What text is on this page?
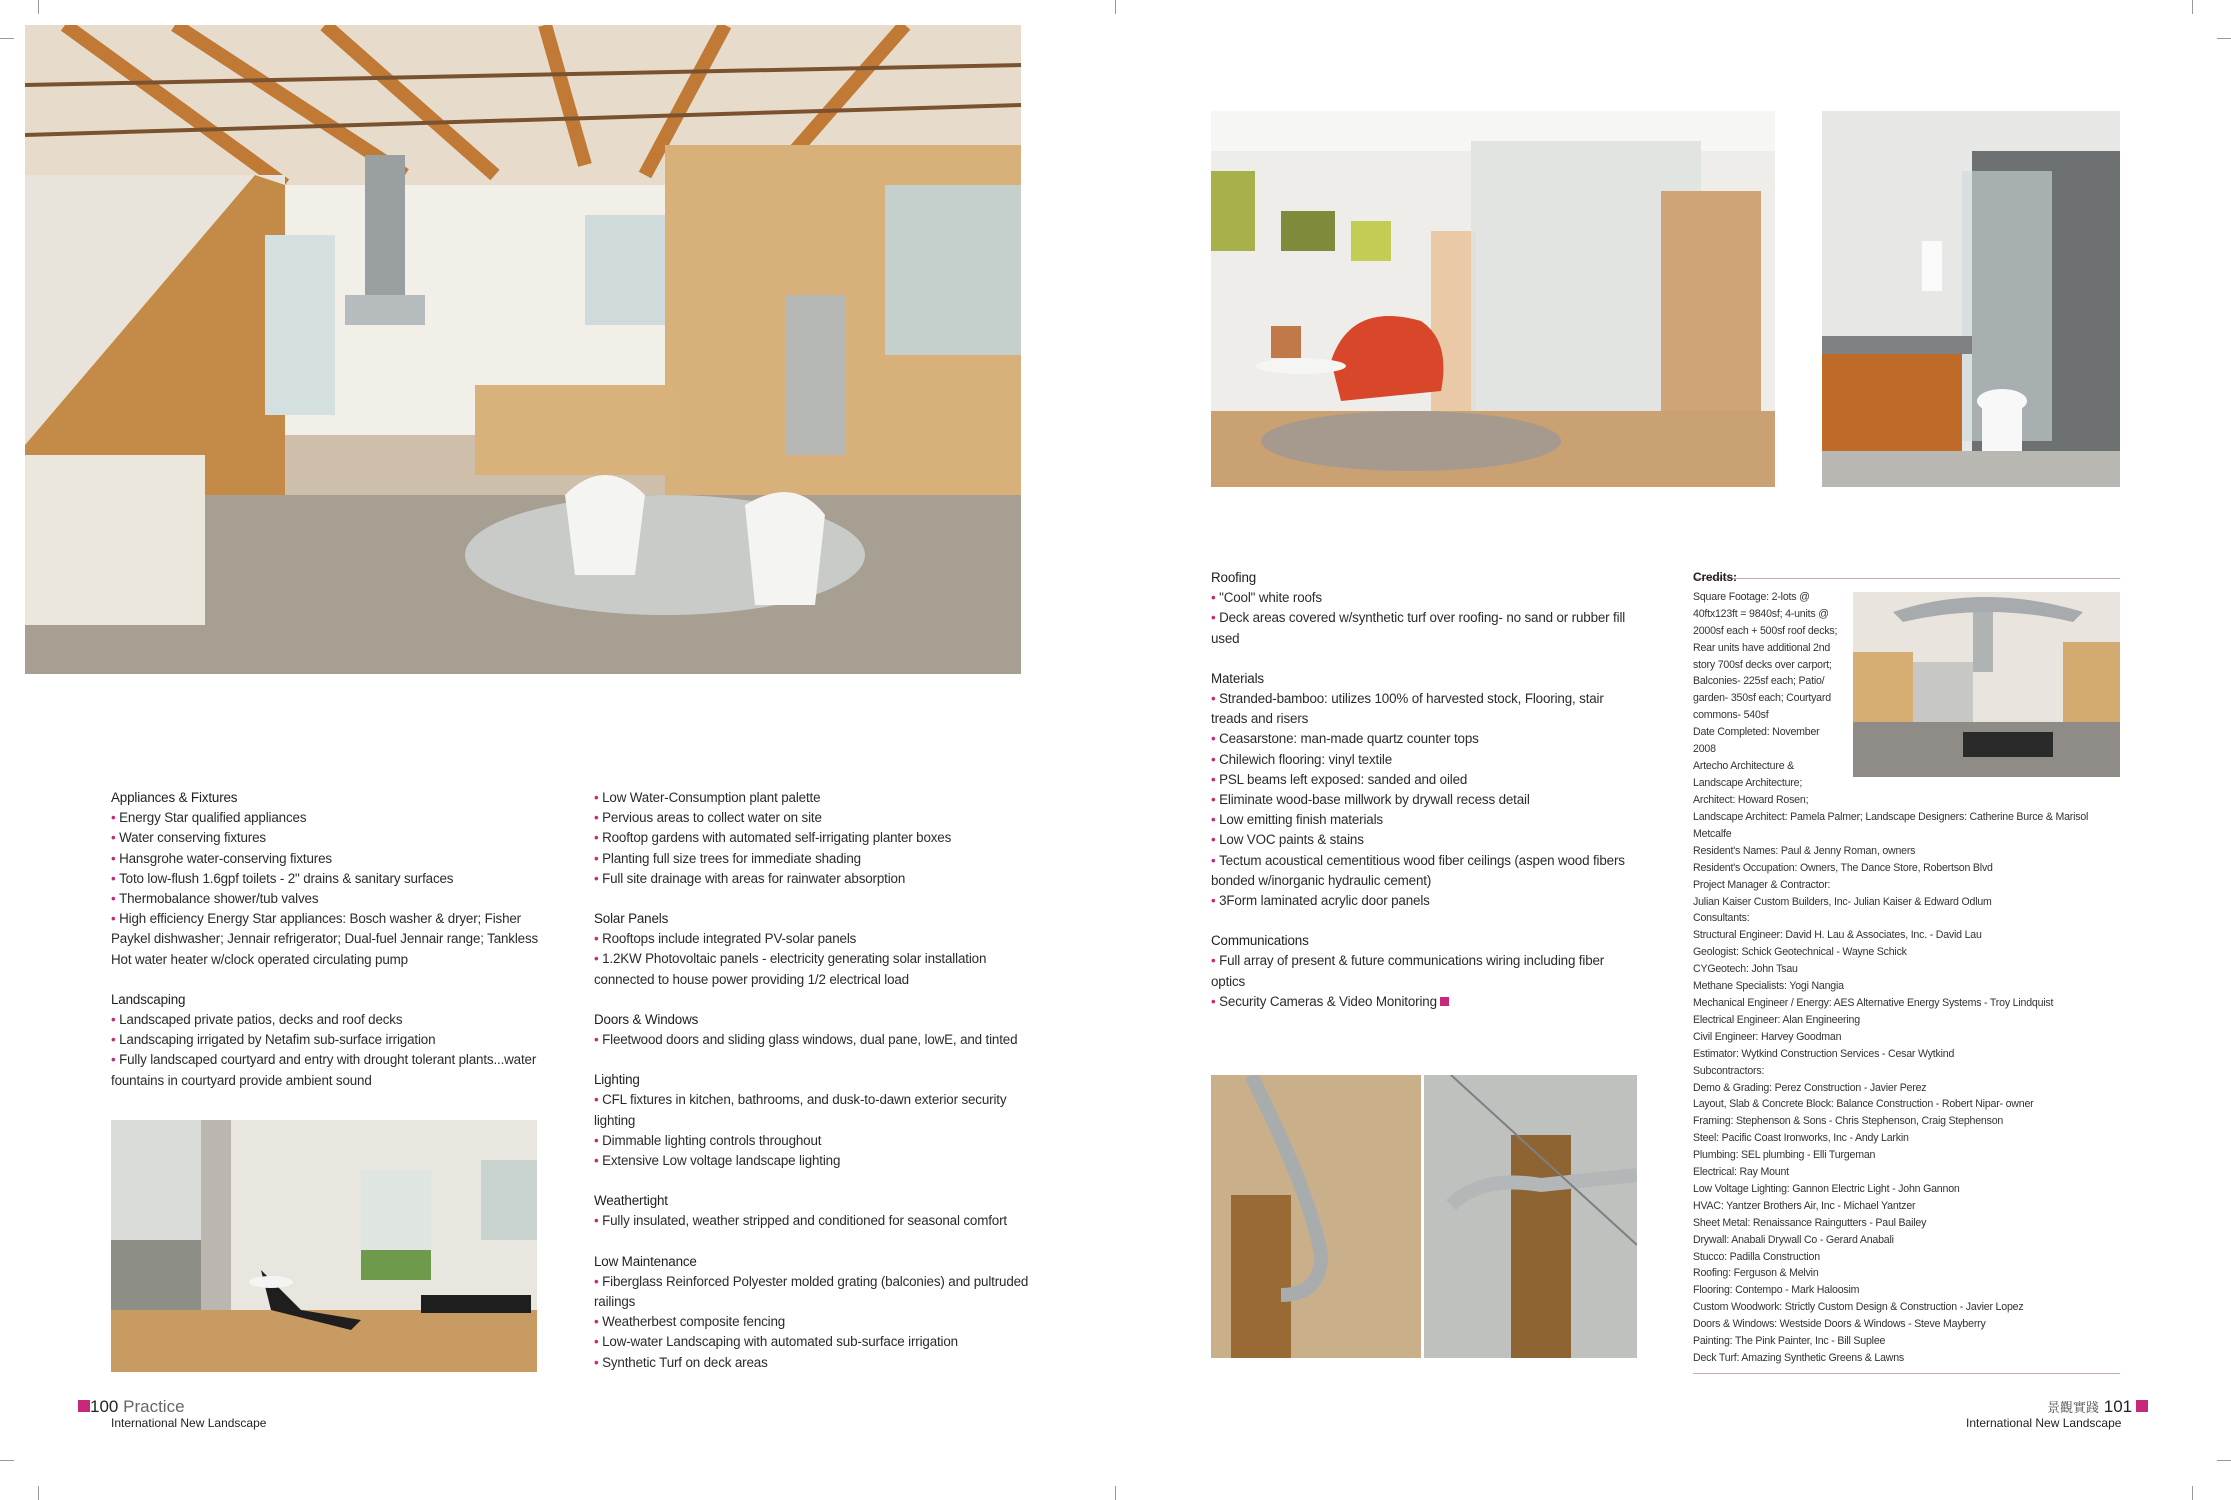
Appliances & Fixtures
• Energy Star qualified appliances
• Water conserving fixtures
• Hansgrohe water-conserving fixtures
• Toto low-flush 1.6gpf toilets - 2" drains & sanitary surfaces
• Thermobalance shower/tub valves
• High efficiency Energy Star appliances: Bosch washer & dryer; Fisher Paykel dishwasher; Jennair refrigerator; Dual-fuel Jennair range; Tankless Hot water heater w/clock operated circulating pump
Landscaping
• Landscaped private patios, decks and roof decks
• Landscaping irrigated by Netafim sub-surface irrigation
• Fully landscaped courtyard and entry with drought tolerant plants...water fountains in courtyard provide ambient sound
• Low Water-Consumption plant palette
• Pervious areas to collect water on site
• Rooftop gardens with automated self-irrigating planter boxes
• Planting full size trees for immediate shading
• Full site drainage with areas for rainwater absorption
Solar Panels
• Rooftops include integrated PV-solar panels
• 1.2KW Photovoltaic panels - electricity generating solar installation connected to house power providing 1/2 electrical load
Doors & Windows
• Fleetwood doors and sliding glass windows, dual pane, lowE, and tinted
Lighting
• CFL fixtures in kitchen, bathrooms, and dusk-to-dawn exterior security lighting
• Dimmable lighting controls throughout
• Extensive Low voltage landscape lighting
Weathertight
• Fully insulated, weather stripped and conditioned for seasonal comfort
Low Maintenance
• Fiberglass Reinforced Polyester molded grating (balconies) and pultruded railings
• Weatherbest composite fencing
• Low-water Landscaping with automated sub-surface irrigation
• Synthetic Turf on deck areas
100 Practice
International New Landscape
Roofing
• "Cool" white roofs
• Deck areas covered w/synthetic turf over roofing- no sand or rubber fill used
Materials
• Stranded-bamboo: utilizes 100% of harvested stock, Flooring, stair treads and risers
• Ceasarstone: man-made quartz counter tops
• Chilewich flooring: vinyl textile
• PSL beams left exposed: sanded and oiled
• Eliminate wood-base millwork by drywall recess detail
• Low emitting finish materials
• Low VOC paints & stains
• Tectum acoustical cementitious wood fiber ceilings (aspen wood fibers bonded w/inorganic hydraulic cement)
• 3Form laminated acrylic door panels
Communications
• Full array of present & future communications wiring including fiber optics
• Security Cameras & Video Monitoring
Credits:
Square Footage: 2-lots @
40ftx123ft = 9840sf; 4-units @
2000sf each + 500sf roof decks;
Rear units have additional 2nd
story 700sf decks over carport;
Balconies- 225sf each; Patio/
garden- 350sf each; Courtyard
commons- 540sf
Date Completed: November
2008
Artecho Architecture &
Landscape Architecture;
Architect: Howard Rosen;
Landscape Architect: Pamela Palmer; Landscape Designers: Catherine Burce & Marisol
Metcalfe
Resident's Names: Paul & Jenny Roman, owners
Resident's Occupation: Owners, The Dance Store, Robertson Blvd
Project Manager & Contractor:
Julian Kaiser Custom Builders, Inc- Julian Kaiser & Edward Odlum
Consultants:
Structural Engineer: David H. Lau & Associates, Inc. - David Lau
Geologist: Schick Geotechnical - Wayne Schick
CYGeotech: John Tsau
Methane Specialists: Yogi Nangia
Mechanical Engineer / Energy: AES Alternative Energy Systems - Troy Lindquist
Electrical Engineer: Alan Engineering
Civil Engineer: Harvey Goodman
Estimator: Wytkind Construction Services - Cesar Wytkind
Subcontractors:
Demo & Grading: Perez Construction - Javier Perez
Layout, Slab & Concrete Block: Balance Construction - Robert Nipar- owner
Framing: Stephenson & Sons - Chris Stephenson, Craig Stephenson
Steel: Pacific Coast Ironworks, Inc - Andy Larkin
Plumbing: SEL plumbing - Elli Turgeman
Electrical: Ray Mount
Low Voltage Lighting: Gannon Electric Light - John Gannon
HVAC: Yantzer Brothers Air, Inc - Michael Yantzer
Sheet Metal: Renaissance Raingutters - Paul Bailey
Drywall: Anabali Drywall Co - Gerard Anabali
Stucco: Padilla Construction
Roofing: Ferguson & Melvin
Flooring: Contempo - Mark Haloosim
Custom Woodwork: Strictly Custom Design & Construction - Javier Lopez
Doors & Windows: Westside Doors & Windows - Steve Mayberry
Painting: The Pink Painter, Inc - Bill Suplee
Deck Turf: Amazing Synthetic Greens & Lawns
景觀實踐 101
International New Landscape
